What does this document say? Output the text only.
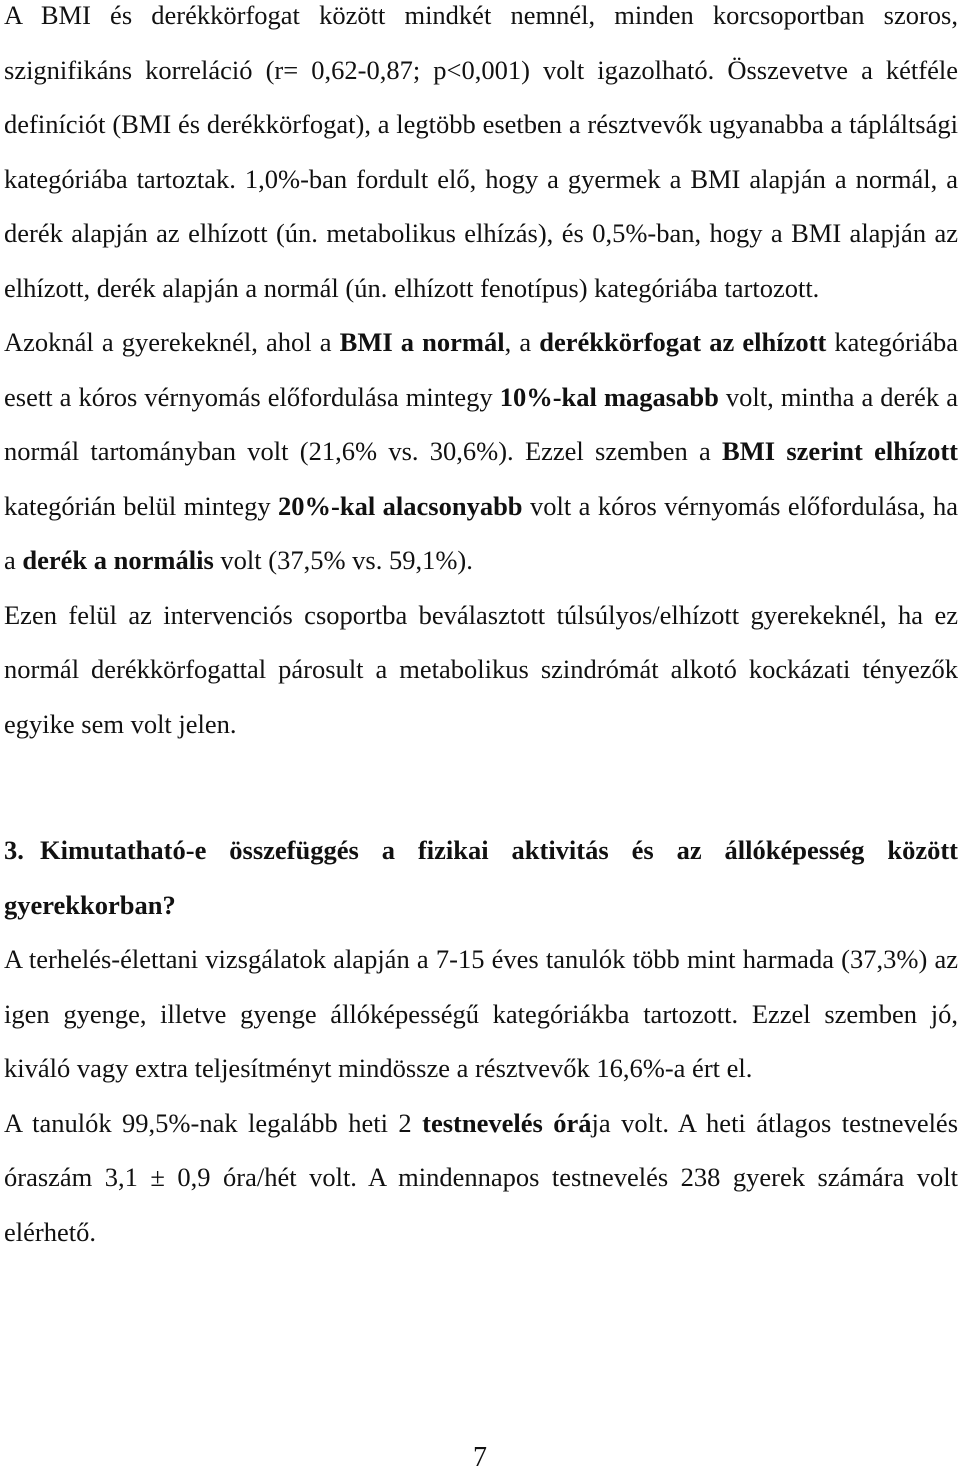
A BMI és derékkörfogat között mindkét nemnél, minden korcsoportban szoros, szignifikáns korreláció (r= 0,62-0,87; p<0,001) volt igazolható. Összevetve a kétféle definíciót (BMI és derékkörfogat), a legtöbb esetben a résztvevők ugyanabba a tápláltsági kategóriába tartoztak. 1,0%-ban fordult elő, hogy a gyermek a BMI alapján a normál, a derék alapján az elhízott (ún. metabolikus elhízás), és 0,5%-ban, hogy a BMI alapján az elhízott, derék alapján a normál (ún. elhízott fenotípus) kategóriába tartozott.

Azoknál a gyerekeknél, ahol a BMI a normál, a derékkörfogat az elhízott kategóriába esett a kóros vérnyomás előfordulása mintegy 10%-kal magasabb volt, mintha a derék a normál tartományban volt (21,6% vs. 30,6%). Ezzel szemben a BMI szerint elhízott kategórián belül mintegy 20%-kal alacsonyabb volt a kóros vérnyomás előfordulása, ha a derék a normális volt (37,5% vs. 59,1%).

Ezen felül az intervenciós csoportba beválasztott túlsúlyos/elhízott gyerekeknél, ha ez normál derékkörfogattal párosult a metabolikus szindrómát alkotó kockázati tényezők egyike sem volt jelen.

3. Kimutatható-e összefüggés a fizikai aktivitás és az állóképesség között gyerekkorban?

A terhelés-élettani vizsgálatok alapján a 7-15 éves tanulók több mint harmada (37,3%) az igen gyenge, illetve gyenge állóképességű kategóriákba tartozott. Ezzel szemben jó, kiváló vagy extra teljesítményt mindössze a résztvevők 16,6%-a ért el.

A tanulók 99,5%-nak legalább heti 2 testnevelés órája volt. A heti átlagos testnevelés óraszám 3,1 ± 0,9 óra/hét volt. A mindennapos testnevelés 238 gyerek számára volt elérhető.

7
